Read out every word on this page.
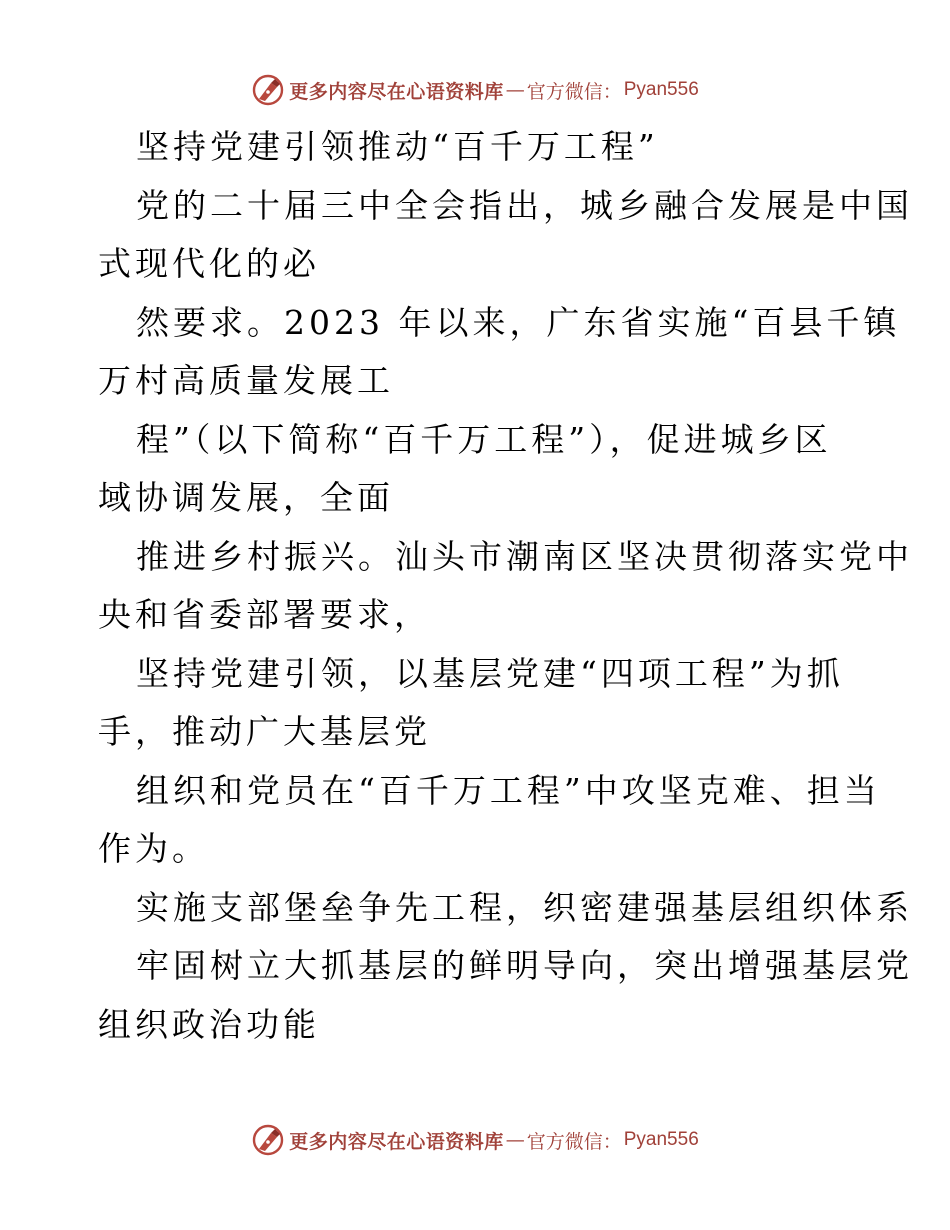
更多内容尽在心语资料库 — 官方微信： Pyan556
坚持党建引领推动“百千万工程”
党的二十届三中全会指出，城乡融合发展是中国
式现代化的必
然要求。2023 年以来，广东省实施“百县千镇
万村高质量发展工
程”（以下简称“百千万工程”），促进城乡区
域协调发展，全面
推进乡村振兴。汕头市潮南区坚决贯彻落实党中
央和省委部署要求，
坚持党建引领，以基层党建“四项工程”为抓
手，推动广大基层党
组织和党员在“百千万工程”中攻坚克难、担当
作为。
实施支部堡垒争先工程，织密建强基层组织体系
牢固树立大抓基层的鲜明导向，突出增强基层党
组织政治功能
更多内容尽在心语资料库 — 官方微信： Pyan556
